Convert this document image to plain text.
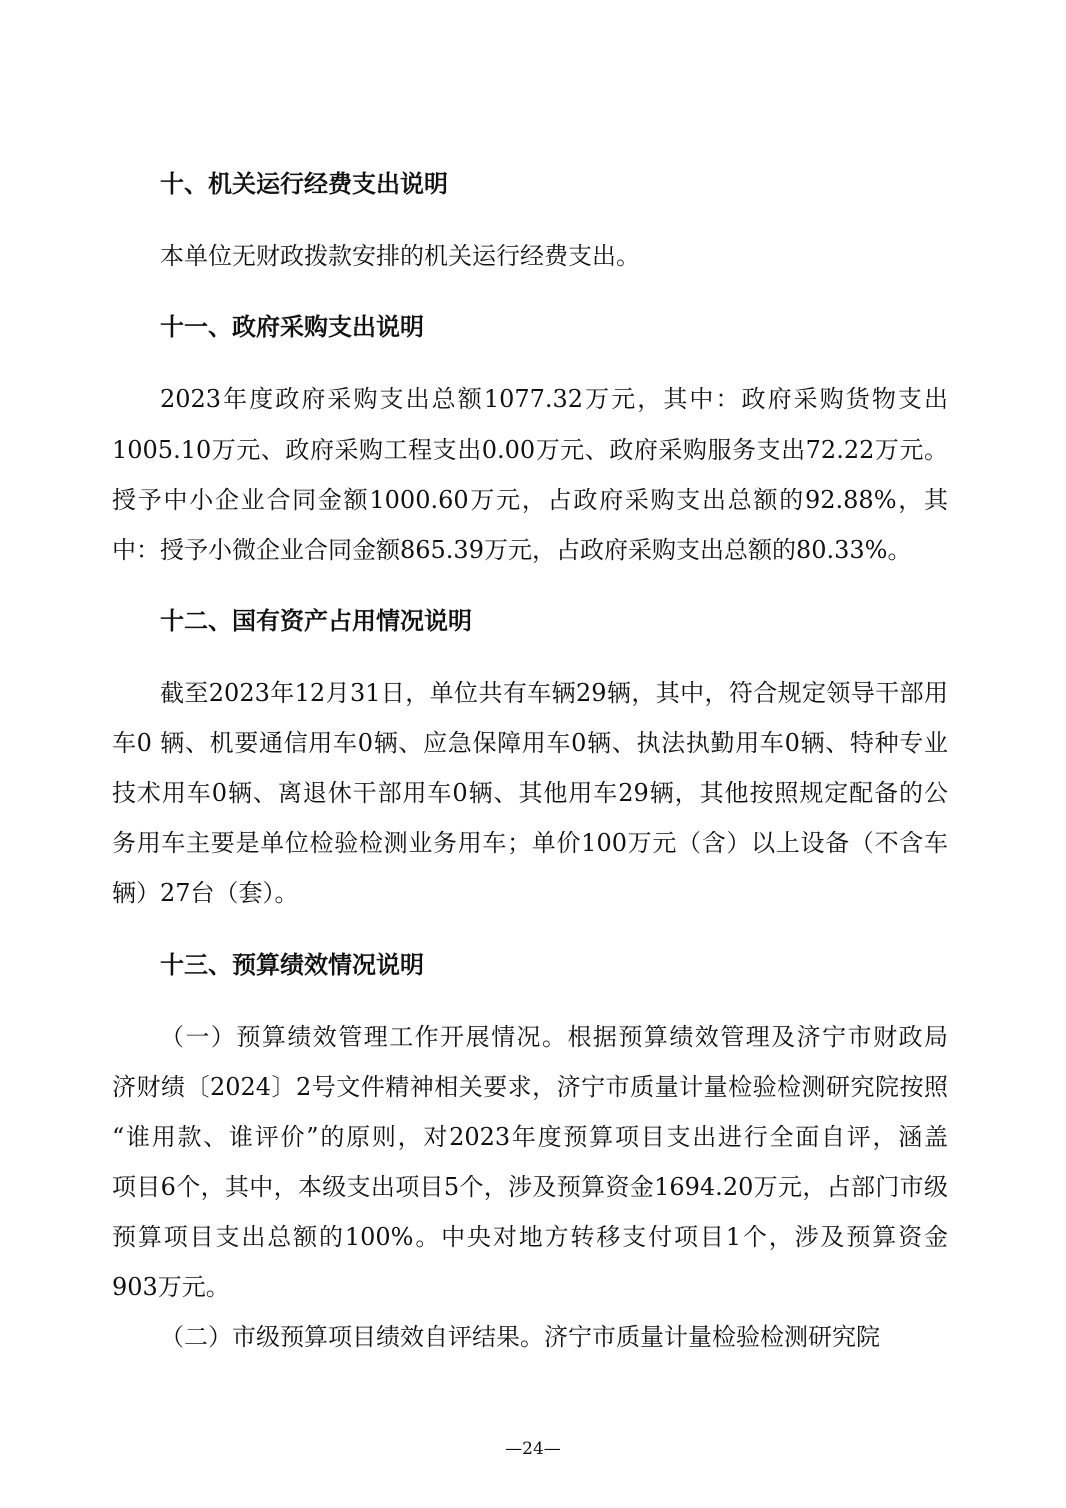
十、机关运行经费支出说明

本单位无财政拨款安排的机关运行经费支出。

十一、政府采购支出说明

2023年度政府采购支出总额1077.32万元，其中：政府采购货物支出

1005.10万元、政府采购工程支出0.00万元、政府采购服务支出72.22万元。

授予中小企业合同金额1000.60万元，占政府采购支出总额的92.88%，其

中：授予小微企业合同金额865.39万元，占政府采购支出总额的80.33%。

十二、国有资产占用情况说明

截至2023年12月31日，单位共有车辆29辆，其中，符合规定领导干部用

车0 辆、机要通信用车0辆、应急保障用车0辆、执法执勤用车0辆、特种专业

技术用车0辆、离退休干部用车0辆、其他用车29辆，其他按照规定配备的公

务用车主要是单位检验检测业务用车；单价100万元（含）以上设备（不含车

辆）27台（套）。

十三、预算绩效情况说明

（一）预算绩效管理工作开展情况。根据预算绩效管理及济宁市财政局

济财绩〔2024〕2号文件精神相关要求，济宁市质量计量检验检测研究院按照

“谁用款、谁评价”的原则，对2023年度预算项目支出进行全面自评，涵盖

项目6个，其中，本级支出项目5个，涉及预算资金1694.20万元，占部门市级

预算项目支出总额的100%。中央对地方转移支付项目1个，涉及预算资金

903万元。

（二）市级预算项目绩效自评结果。济宁市质量计量检验检测研究院

—24—
